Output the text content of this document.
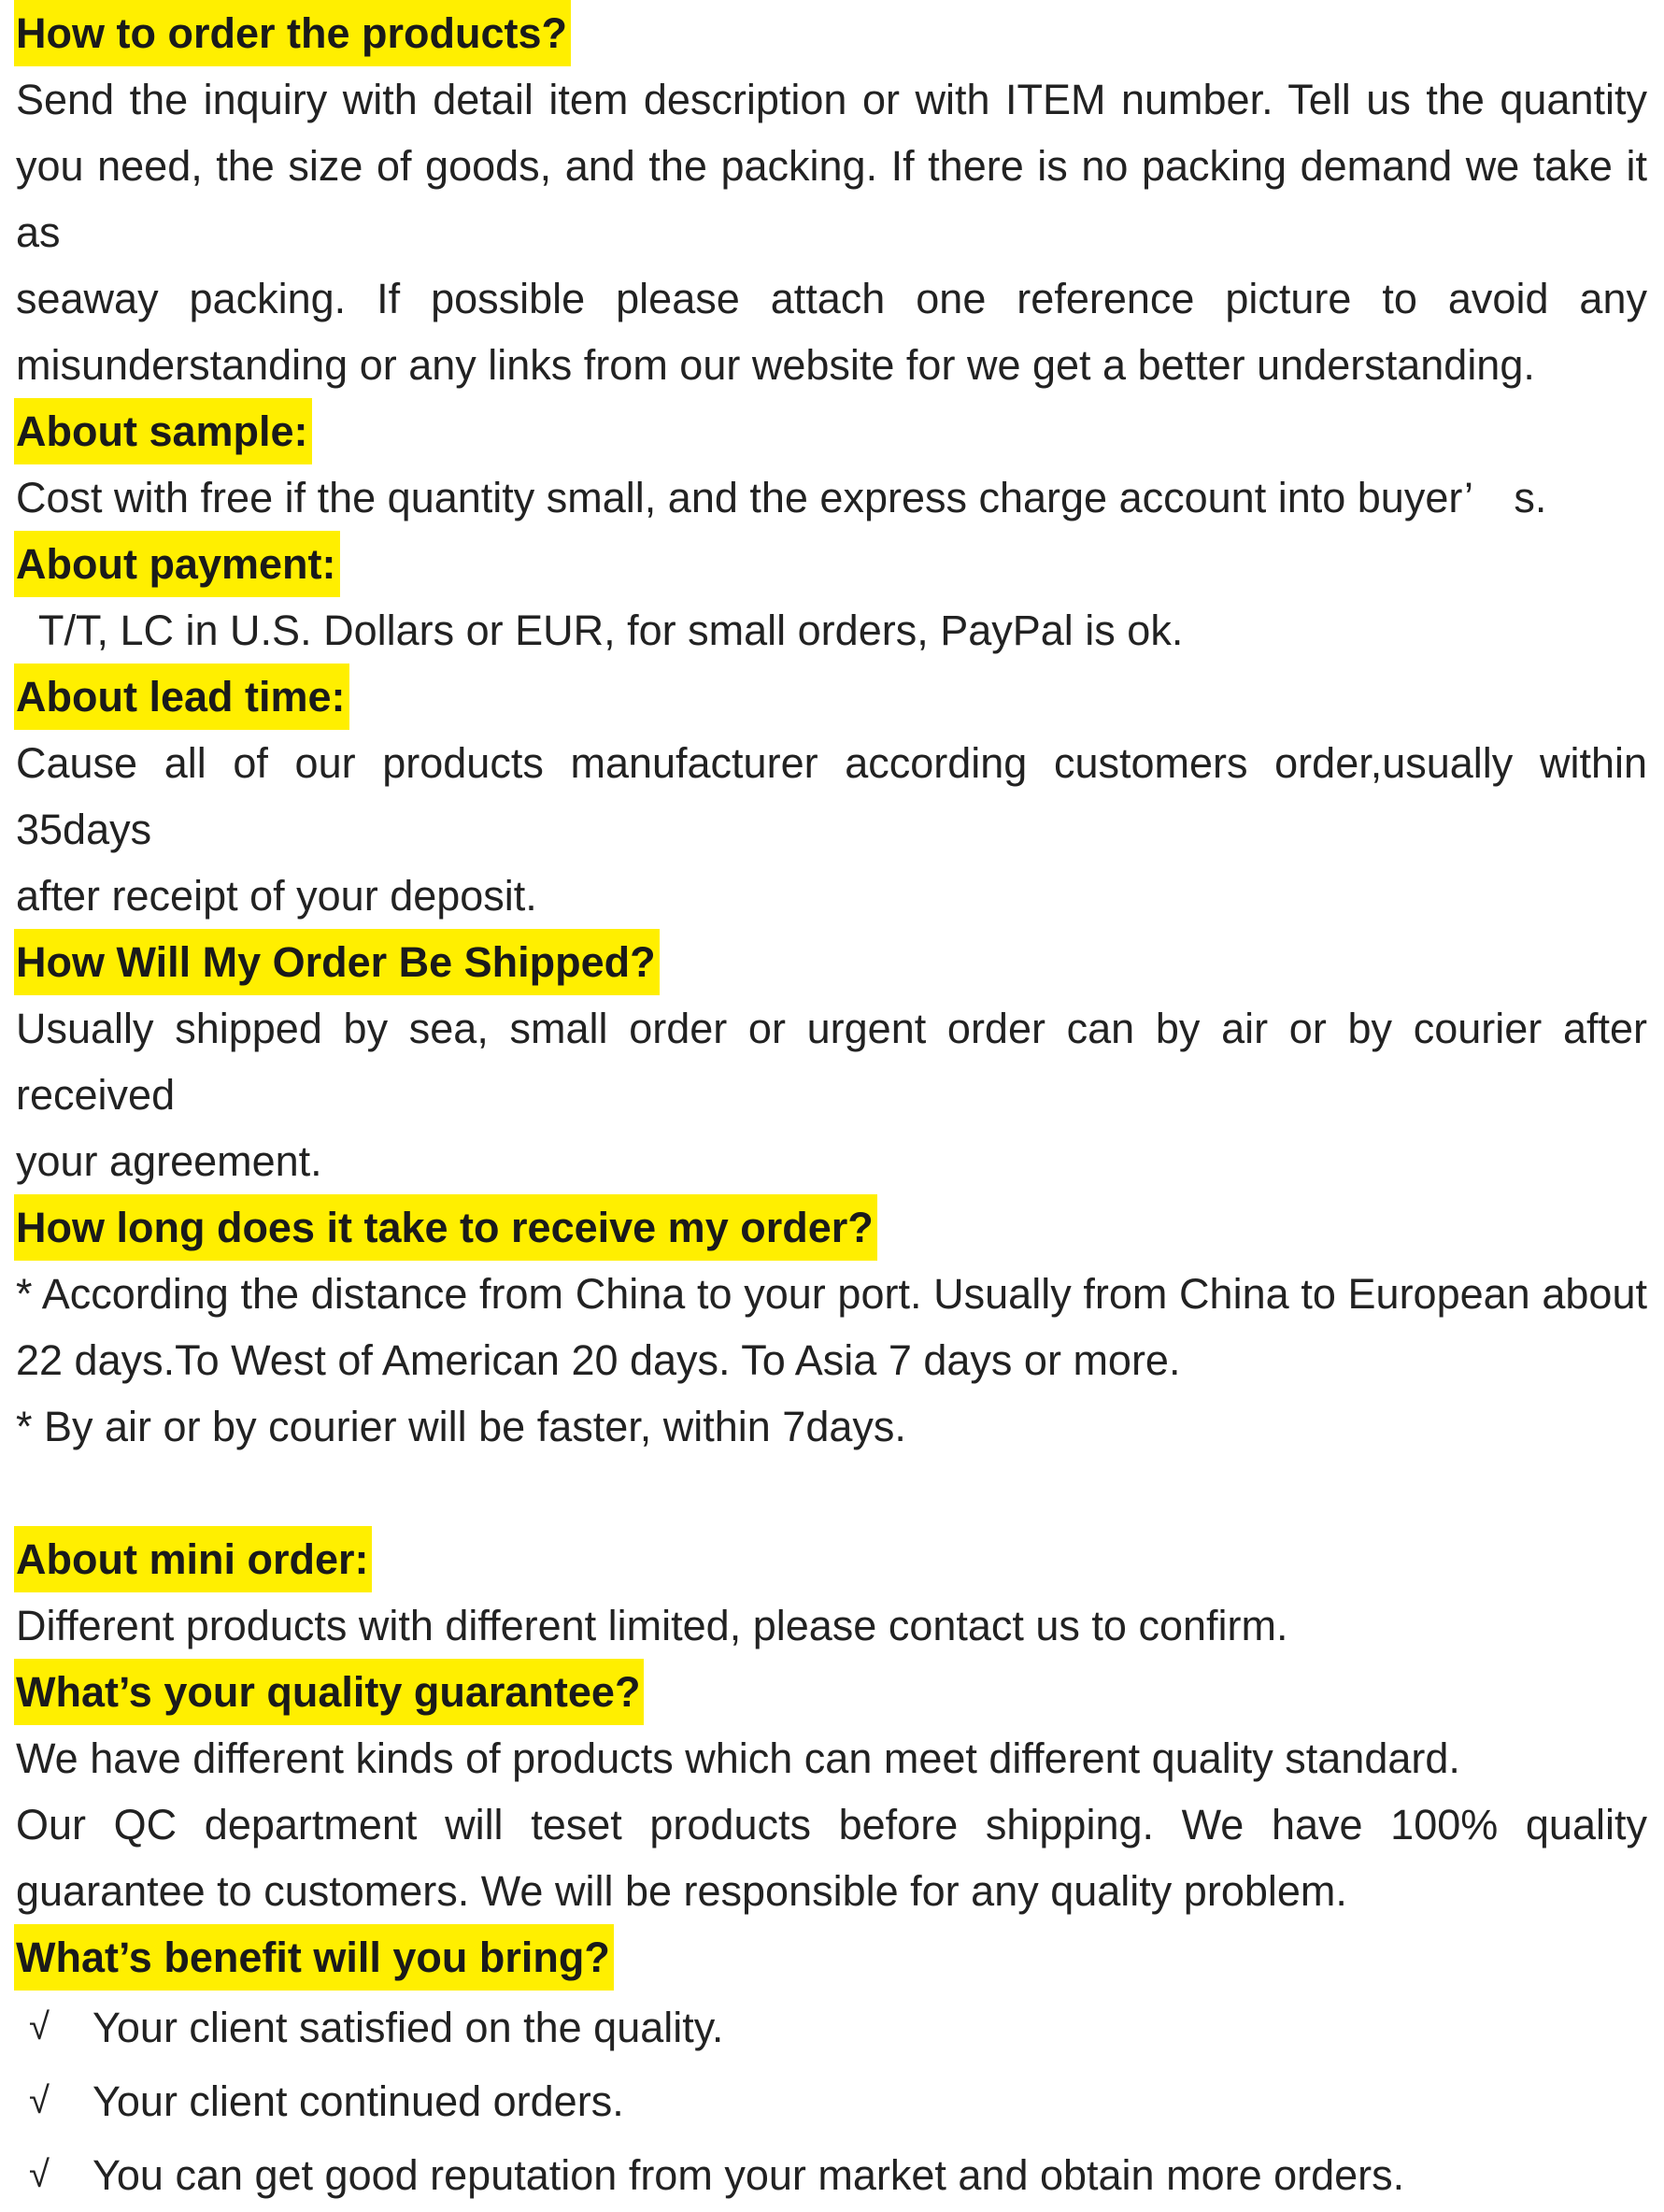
How to order the products?

Send the inquiry with detail item description or with ITEM number. Tell us the quantity

you need, the size of goods, and the packing. If there is no packing demand we take it as

seaway packing. If possible please attach one reference picture to avoid any

misunderstanding or any links from our website for we get a better understanding.

About sample:

Cost with free if the quantity small, and the express charge account into buyer’　s.

About payment:

T/T, LC in U.S. Dollars or EUR, for small orders, PayPal is ok.

About lead time:

Cause all of our products manufacturer according customers order,usually within 35days

after receipt of your deposit.

How Will My Order Be Shipped?

Usually shipped by sea, small order or urgent order can by air or by courier after received

your agreement.

How long does it take to receive my order?

* According the distance from China to your port. Usually from China to European about

22 days.To West of American 20 days. To Asia 7 days or more.

* By air or by courier will be faster, within 7days.

About mini order:

Different products with different limited, please contact us to confirm.

What’s your quality guarantee?

We have different kinds of products which can meet different quality standard.

Our QC department will teset products before shipping. We have 100% quality

guarantee to customers. We will be responsible for any quality problem.

What’s benefit will you bring?
√	Your client satisfied on the quality.
√	Your client continued orders.
√	You can get good reputation from your market and obtain more orders.
